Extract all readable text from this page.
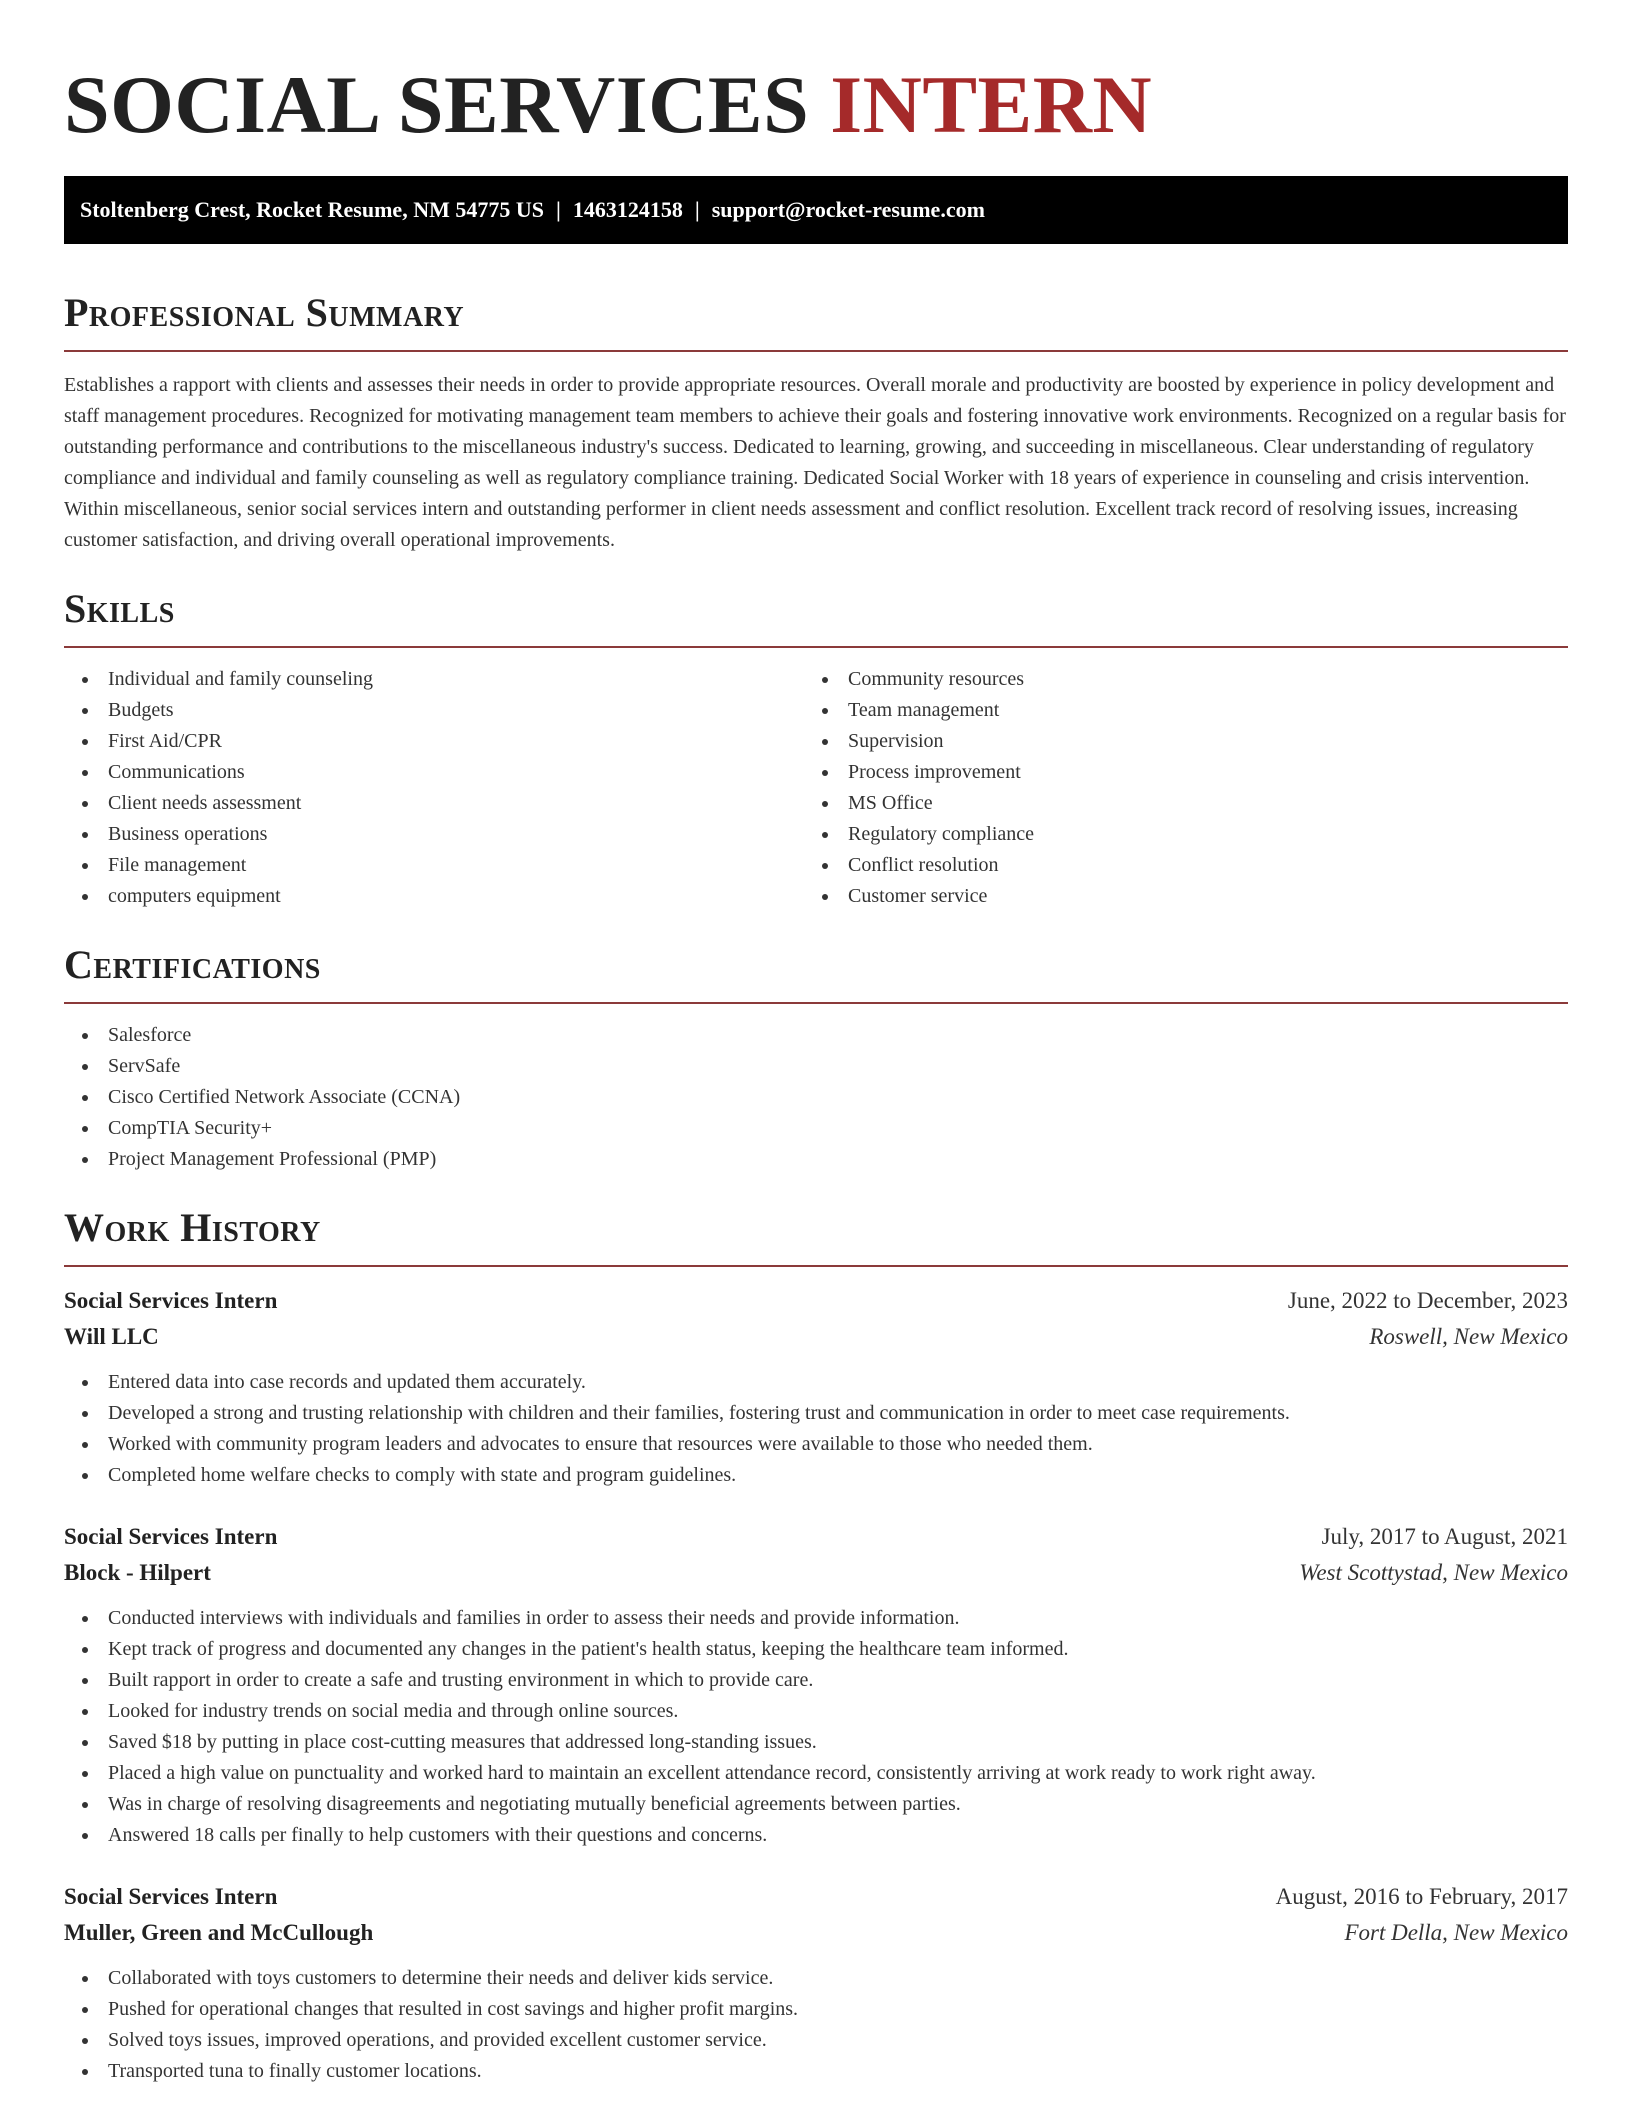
SOCIAL SERVICES INTERN
Stoltenberg Crest, Rocket Resume, NM 54775 US | 1463124158 | support@rocket-resume.com
Professional Summary

Establishes a rapport with clients and assesses their needs in order to provide appropriate resources. Overall morale and productivity are boosted by experience in policy development and staff management procedures. Recognized for motivating management team members to achieve their goals and fostering innovative work environments. Recognized on a regular basis for outstanding performance and contributions to the miscellaneous industry's success. Dedicated to learning, growing, and succeeding in miscellaneous. Clear understanding of regulatory compliance and individual and family counseling as well as regulatory compliance training. Dedicated Social Worker with 18 years of experience in counseling and crisis intervention. Within miscellaneous, senior social services intern and outstanding performer in client needs assessment and conflict resolution. Excellent track record of resolving issues, increasing customer satisfaction, and driving overall operational improvements.

Skills
Individual and family counseling
Budgets
First Aid/CPR
Communications
Client needs assessment
Business operations
File management
computers equipment
Community resources
Team management
Supervision
Process improvement
MS Office
Regulatory compliance
Conflict resolution
Customer service
Certifications
Salesforce
ServSafe
Cisco Certified Network Associate (CCNA)
CompTIA Security+
Project Management Professional (PMP)
Work History
Social Services Intern	June, 2022 to December, 2023
Will LLC	Roswell, New Mexico
Entered data into case records and updated them accurately.
Developed a strong and trusting relationship with children and their families, fostering trust and communication in order to meet case requirements.
Worked with community program leaders and advocates to ensure that resources were available to those who needed them.
Completed home welfare checks to comply with state and program guidelines.
Social Services Intern	July, 2017 to August, 2021
Block - Hilpert	West Scottystad, New Mexico
Conducted interviews with individuals and families in order to assess their needs and provide information.
Kept track of progress and documented any changes in the patient's health status, keeping the healthcare team informed.
Built rapport in order to create a safe and trusting environment in which to provide care.
Looked for industry trends on social media and through online sources.
Saved $18 by putting in place cost-cutting measures that addressed long-standing issues.
Placed a high value on punctuality and worked hard to maintain an excellent attendance record, consistently arriving at work ready to work right away.
Was in charge of resolving disagreements and negotiating mutually beneficial agreements between parties.
Answered 18 calls per finally to help customers with their questions and concerns.
Social Services Intern	August, 2016 to February, 2017
Muller, Green and McCullough	Fort Della, New Mexico
Collaborated with toys customers to determine their needs and deliver kids service.
Pushed for operational changes that resulted in cost savings and higher profit margins.
Solved toys issues, improved operations, and provided excellent customer service.
Transported tuna to finally customer locations.
